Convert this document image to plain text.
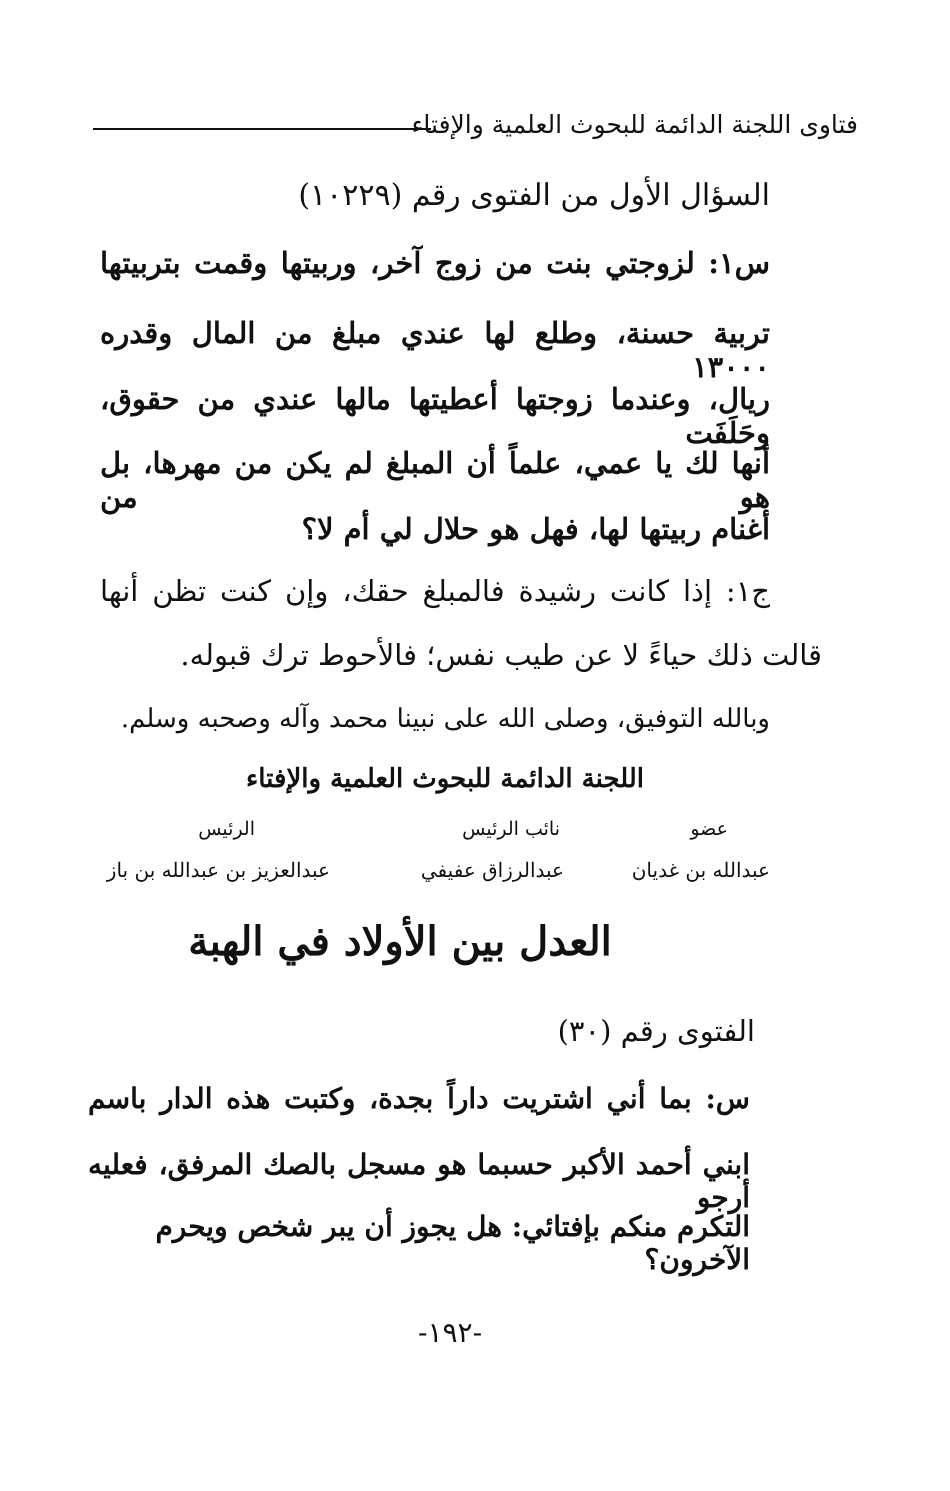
فتاوى اللجنة الدائمة للبحوث العلمية والإفتاء
السؤال الأول من الفتوى رقم (١٠٢٢٩)
س١: لزوجتي بنت من زوج آخر، وربيتها وقمت بتربيتها
تربية حسنة، وطلع لها عندي مبلغ من المال وقدره ١٣٠٠٠
ريال، وعندما زوجتها أعطيتها مالها عندي من حقوق، وحَلَفَت
أنها لك يا عمي، علماً أن المبلغ لم يكن من مهرها، بل هو من
أغنام ربيتها لها، فهل هو حلال لي أم لا؟
ج١: إذا كانت رشيدة فالمبلغ حقك، وإن كنت تظن أنها
قالت ذلك حياءً لا عن طيب نفس؛ فالأحوط ترك قبوله.
وبالله التوفيق، وصلى الله على نبينا محمد وآله وصحبه وسلم.
اللجنة الدائمة للبحوث العلمية والإفتاء
عضو
نائب الرئيس
الرئيس
عبدالله بن غديان
عبدالرزاق عفيفي
عبدالعزيز بن عبدالله بن باز
العدل بين الأولاد في الهبة
الفتوى رقم (٣٠)
س: بما أني اشتريت داراً بجدة، وكتبت هذه الدار باسم
ابني أحمد الأكبر حسبما هو مسجل بالصك المرفق، فعليه أرجو
التكرم منكم بإفتائي: هل يجوز أن يبر شخص ويحرم الآخرون؟
-١٩٢-
